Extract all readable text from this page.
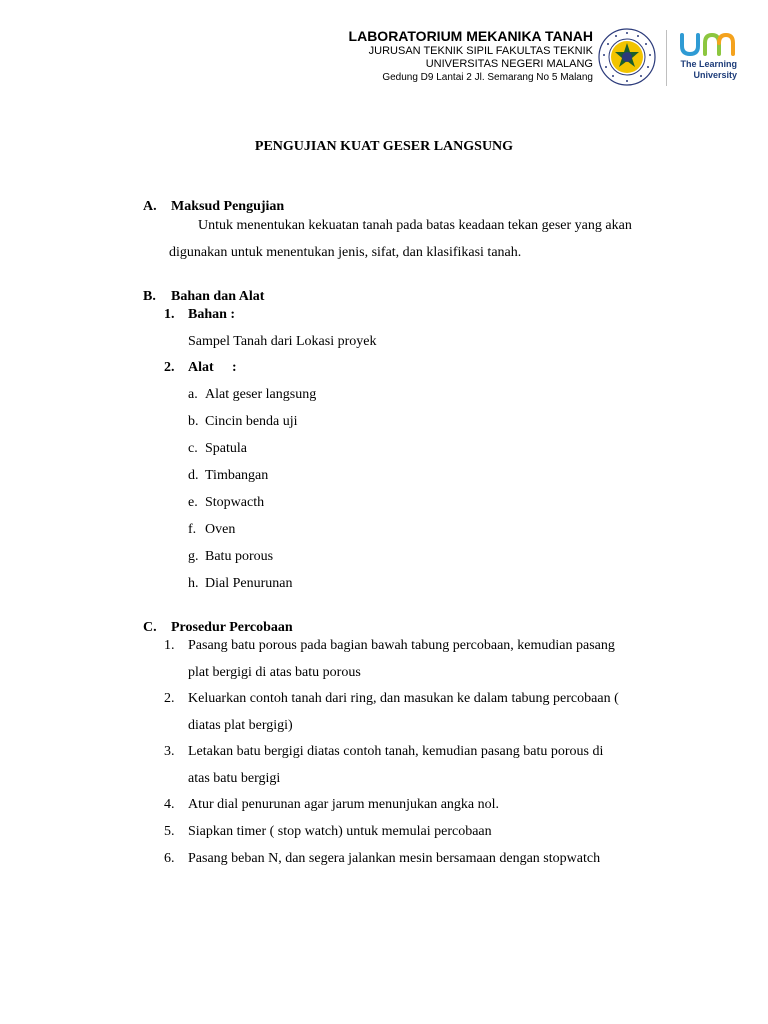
LABORATORIUM MEKANIKA TANAH
JURUSAN TEKNIK SIPIL FAKULTAS TEKNIK
UNIVERSITAS NEGERI MALANG
Gedung D9 Lantai 2 Jl. Semarang No 5 Malang
The Learning University
PENGUJIAN KUAT GESER LANGSUNG
A. Maksud Pengujian
Untuk menentukan kekuatan tanah pada batas keadaan tekan geser yang akan
digunakan untuk menentukan jenis, sifat, dan klasifikasi tanah.
B. Bahan dan Alat
1. Bahan :
Sampel Tanah dari Lokasi proyek
2. Alat :
a. Alat geser langsung
b. Cincin benda uji
c. Spatula
d. Timbangan
e. Stopwacth
f. Oven
g. Batu porous
h. Dial Penurunan
C. Prosedur Percobaan
1. Pasang batu porous pada bagian bawah tabung percobaan, kemudian pasang
plat bergigi di atas batu porous
2. Keluarkan contoh tanah dari ring, dan masukan ke dalam tabung percobaan (
diatas plat bergigi)
3. Letakan batu bergigi diatas contoh tanah, kemudian pasang batu porous di
atas batu bergigi
4. Atur dial penurunan agar jarum menunjukan angka nol.
5. Siapkan timer ( stop watch) untuk memulai percobaan
6. Pasang beban N, dan segera jalankan mesin bersamaan dengan stopwatch
